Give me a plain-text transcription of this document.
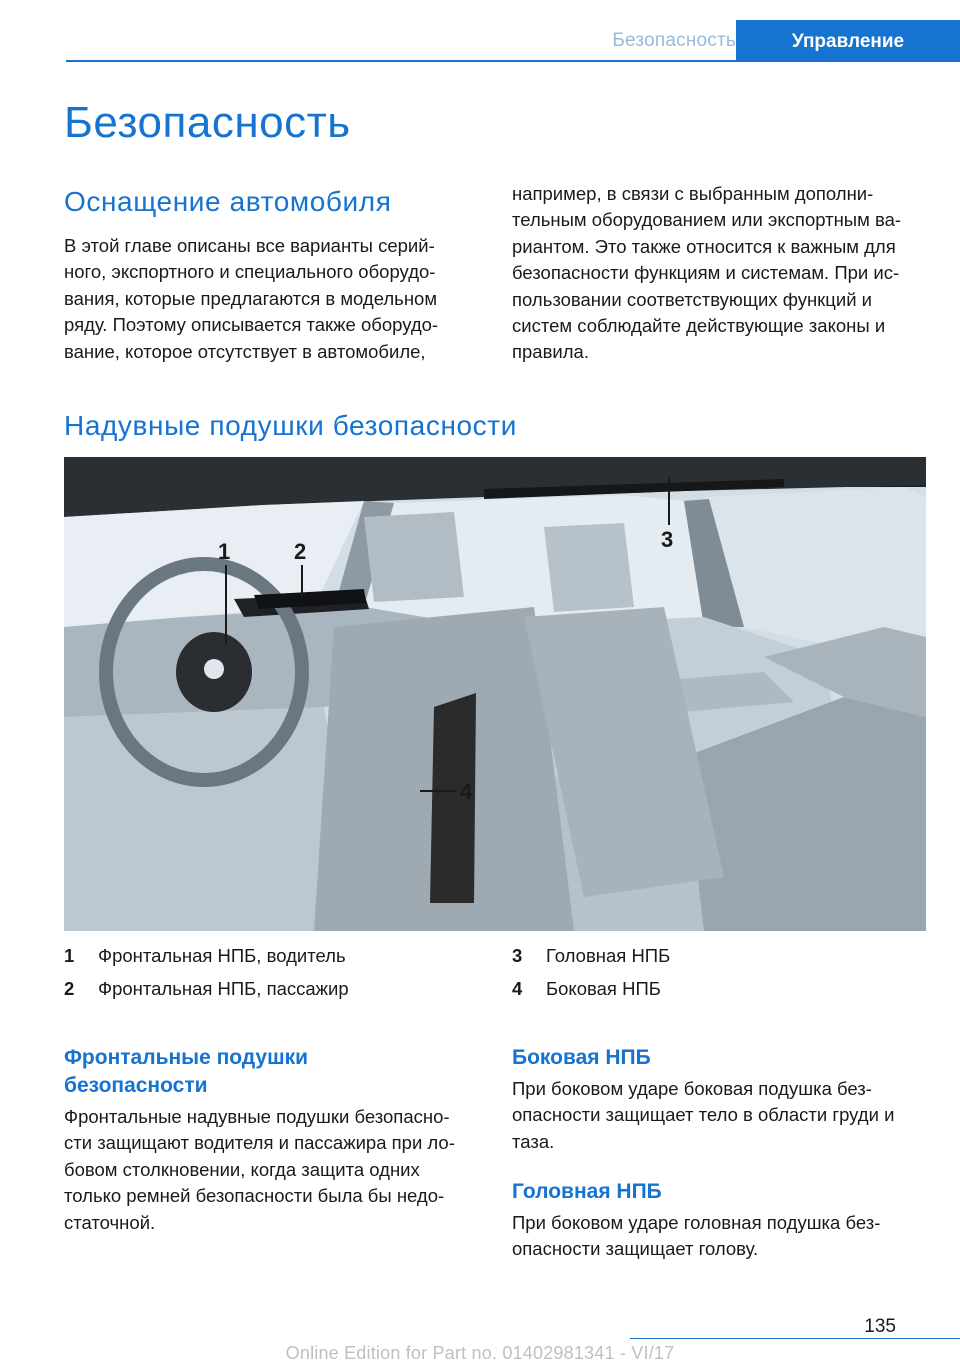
Безопасность	Управление
Безопасность
Оснащение автомобиля

В этой главе описаны все варианты серий-
ного, экспортного и специального оборудо-
вания, которые предлагаются в модельном
ряду. Поэтому описывается также оборудо-
вание, которое отсутствует в автомобиле,

например, в связи с выбранным дополни-
тельным оборудованием или экспортным ва-
риантом. Это также относится к важным для
безопасности функциям и системам. При ис-
пользовании соответствующих функций и
систем соблюдайте действующие законы и
правила.

Надувные подушки безопасности
1	2	3
4
1 Фронтальная НПБ, водитель
2 Фронтальная НПБ, пассажир
3 Головная НПБ
4 Боковая НПБ
Фронтальные подушки
безопасности

Фронтальные надувные подушки безопасно-
сти защищают водителя и пассажира при ло-
бовом столкновении, когда защита одних
только ремней безопасности была бы недо-
статочной.

Боковая НПБ

При боковом ударе боковая подушка без-
опасности защищает тело в области груди и
таза.

Головная НПБ

При боковом ударе головная подушка без-
опасности защищает голову.

135
Online Edition for Part no. 01402981341 - VI/17
